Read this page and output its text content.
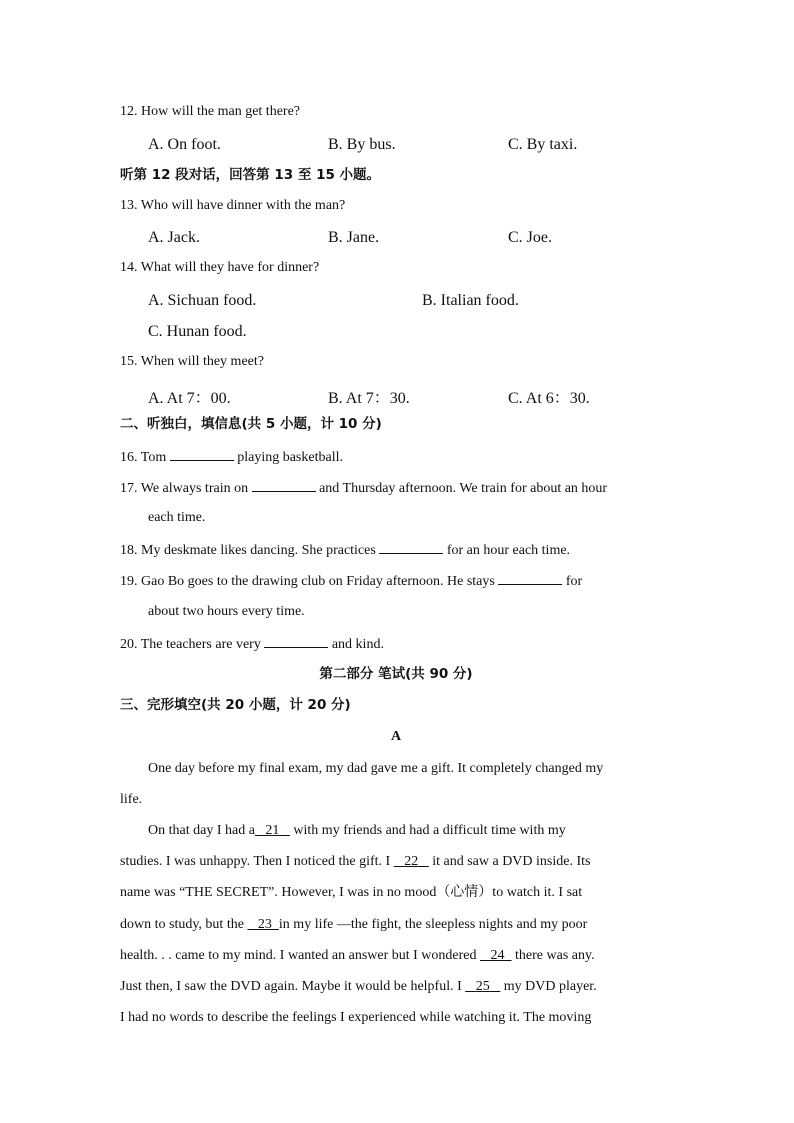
12. How will the man get there?
A. On foot.	B. By bus.	C. By taxi.
听第 12 段对话，回答第 13 至 15 小题。
13. Who will have dinner with the man?
A. Jack.	B. Jane.	C. Joe.
14. What will they have for dinner?
A. Sichuan food.	B. Italian food.
C. Hunan food.
15. When will they meet?
A. At 7：00.	B. At 7：30.	C. At 6：30.
二、听独白，填信息(共 5 小题，计 10 分)
16. Tom	playing basketball.
17. We always train on	and Thursday afternoon. We train for about an hour
each time.
18. My deskmate likes dancing. She practices	for an hour each time.
19. Gao Bo goes to the drawing club on Friday afternoon. He stays	for
about two hours every time.
20. The teachers are very	and kind.
第二部分 笔试(共 90 分)
三、完形填空(共 20 小题，计 20 分)
A
One day before my final exam, my dad gave me a gift. It completely changed my
life.
On that day I had a 21 with my friends and had a difficult time with my
studies. I was unhappy. Then I noticed the gift. I 22 it and saw a DVD inside. Its
name was “THE SECRET”. However, I was in no mood（心情）to watch it. I sat
down to study, but the 23 in my life —the fight, the sleepless nights and my poor
health. . . came to my mind. I wanted an answer but I wondered 24 there was any.
Just then, I saw the DVD again. Maybe it would be helpful. I 25 my DVD player.
I had no words to describe the feelings I experienced while watching it. The moving
